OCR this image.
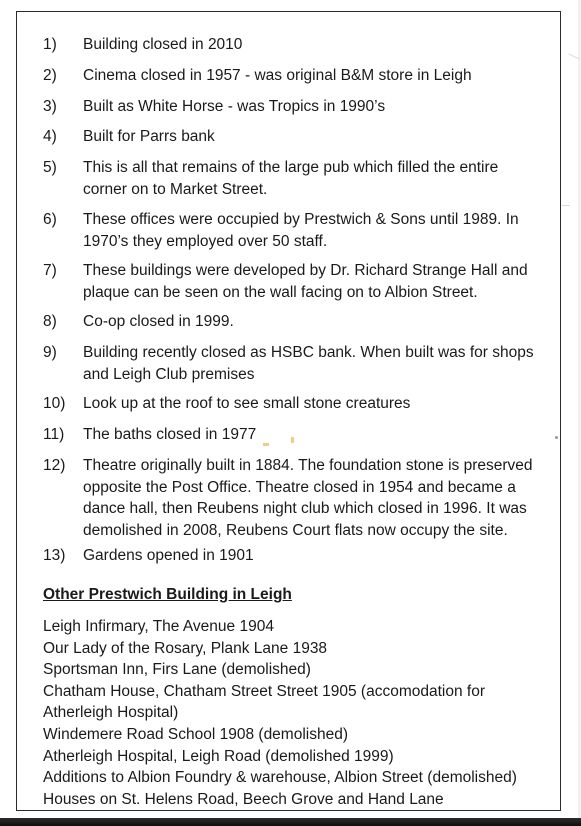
1)	Building closed in 2010
2)	Cinema closed in 1957 - was original B&M store in Leigh
3)	Built as White Horse - was Tropics in 1990’s
4)	Built for Parrs bank
5)	This is all that remains of the large pub which filled the entire corner on to Market Street.
6)	These offices were occupied by Prestwich & Sons until 1989. In 1970’s they employed over 50 staff.
7)	These buildings were developed by Dr. Richard Strange Hall and plaque can be seen on the wall facing on to Albion Street.
8)	Co-op closed in 1999.
9)	Building recently closed as HSBC bank. When built was for shops and Leigh Club premises
10)	Look up at the roof to see small stone creatures
11)	The baths closed in 1977
12)	Theatre originally built in 1884. The foundation stone is preserved opposite the Post Office. Theatre closed in 1954 and became a dance hall, then Reubens night club which closed in 1996. It was demolished in 2008, Reubens Court flats now occupy the site.
13)	Gardens opened in 1901
Other Prestwich Building in Leigh
Leigh Infirmary, The Avenue 1904
Our Lady of the Rosary, Plank Lane 1938
Sportsman Inn, Firs Lane (demolished)
Chatham House, Chatham Street Street 1905 (accomodation for Atherleigh Hospital)
Windemere Road School 1908 (demolished)
Atherleigh Hospital, Leigh Road (demolished 1999)
Additions to Albion Foundry & warehouse, Albion Street (demolished)
Houses on St. Helens Road, Beech Grove and Hand Lane
